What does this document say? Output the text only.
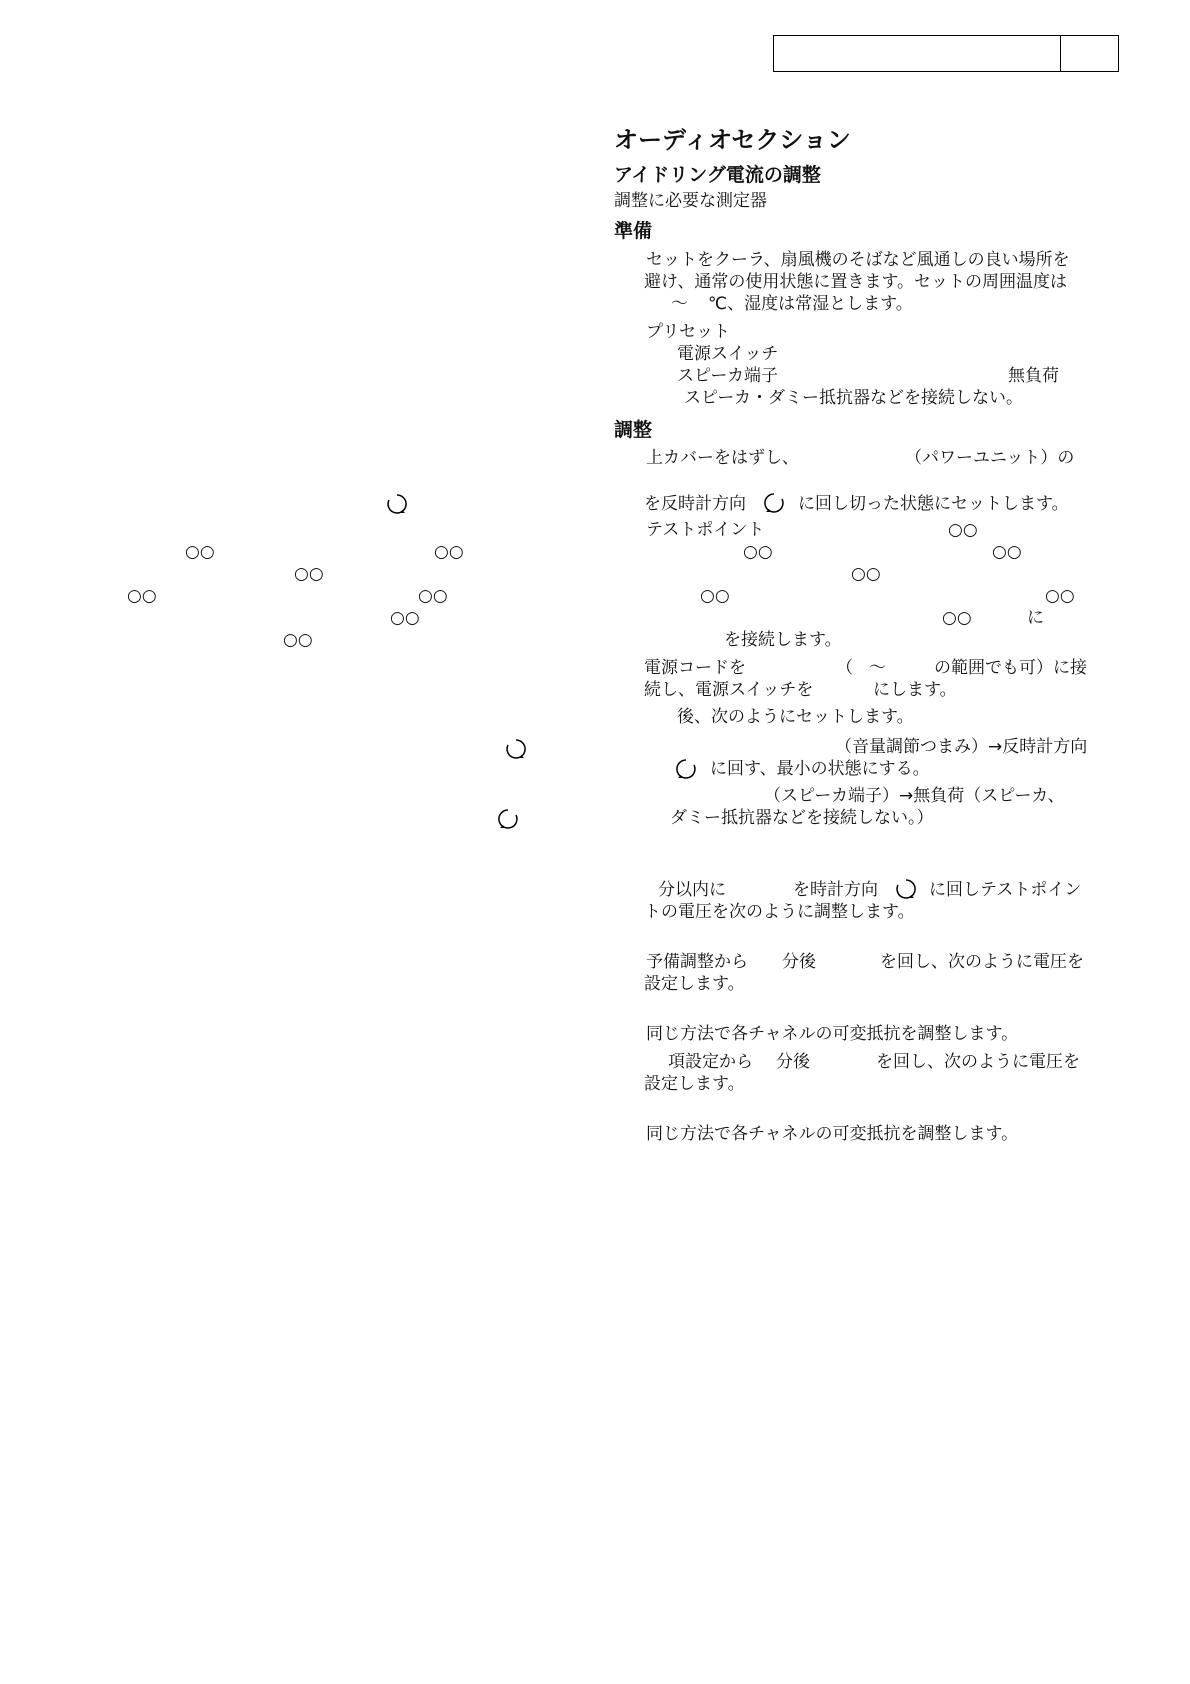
○○	○○
○○
○○	○○
○○
○○
オーディオセクション
アイドリング電流の調整
調整に必要な測定器
準備
セットをクーラ、扇風機のそばなど風通しの良い場所を
避け、通常の使用状態に置きます。セットの周囲温度は
～ ℃、湿度は常湿とします。
プリセット
電源スイッチ
スピーカ端子	無負荷
スピーカ・ダミー抵抗器などを接続しない。
調整
上カバーをはずし、	（パワーユニット）の
を反時計方向	に回し切った状態にセットします。
テストポイント	○○
○○	○○
○○
○○	○○
○○	に
を接続します。
電源コードを	（ ～	の範囲でも可）に接
続し、電源スイッチを	にします。
後、次のようにセットします。
（音量調節つまみ）→反時計方向
に回す、最小の状態にする。
（スピーカ端子）→無負荷（スピーカ、
ダミー抵抗器などを接続しない。）
分以内に	を時計方向	に回しテストポイン
トの電圧を次のように調整します。
予備調整から 分後	を回し、次のように電圧を
設定します。
同じ方法で各チャネルの可変抵抗を調整します。
項設定から 分後	を回し、次のように電圧を
設定します。
同じ方法で各チャネルの可変抵抗を調整します。
